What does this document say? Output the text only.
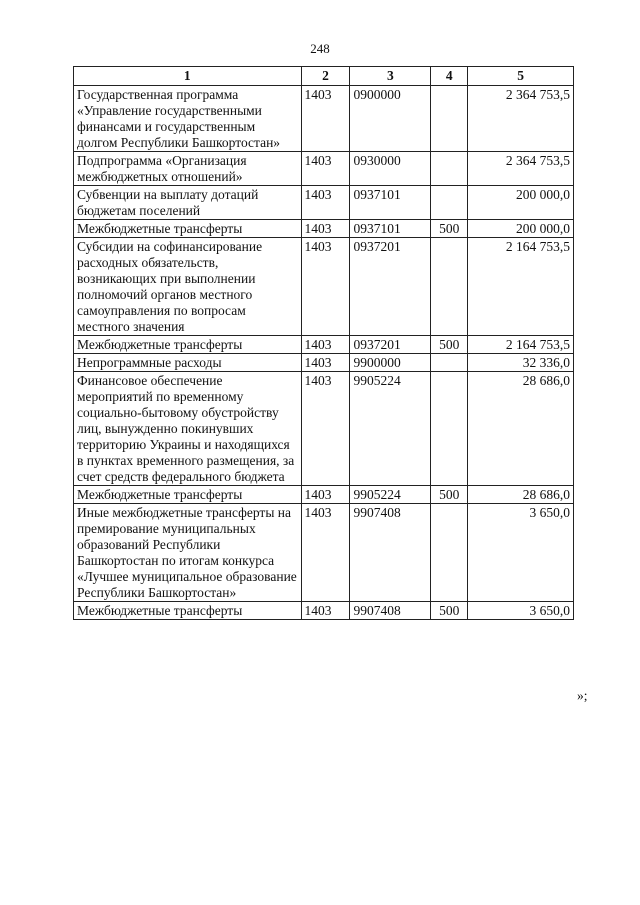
248
1	2	3	4	5
Государственная программа «Управление государственными финансами и государственным долгом Республики Башкортостан»	1403	0900000		2 364 753,5
Подпрограмма «Организация межбюджетных отношений»	1403	0930000		2 364 753,5
Субвенции на выплату дотаций бюджетам поселений	1403	0937101		200 000,0
Межбюджетные трансферты	1403	0937101	500	200 000,0
Субсидии на софинансирование расходных обязательств, возникающих при выполнении полномочий органов местного самоуправления по вопросам местного значения	1403	0937201		2 164 753,5
Межбюджетные трансферты	1403	0937201	500	2 164 753,5
Непрограммные расходы	1403	9900000		32 336,0
Финансовое обеспечение мероприятий по временному социально-бытовому обустройству лиц, вынужденно покинувших территорию Украины и находящихся в пунктах временного размещения, за счет средств федерального бюджета	1403	9905224		28 686,0
Межбюджетные трансферты	1403	9905224	500	28 686,0
Иные межбюджетные трансферты на премирование муниципальных образований Республики Башкортостан по итогам конкурса «Лучшее муниципальное образование Республики Башкортостан»	1403	9907408		3 650,0
Межбюджетные трансферты	1403	9907408	500	3 650,0
»;
